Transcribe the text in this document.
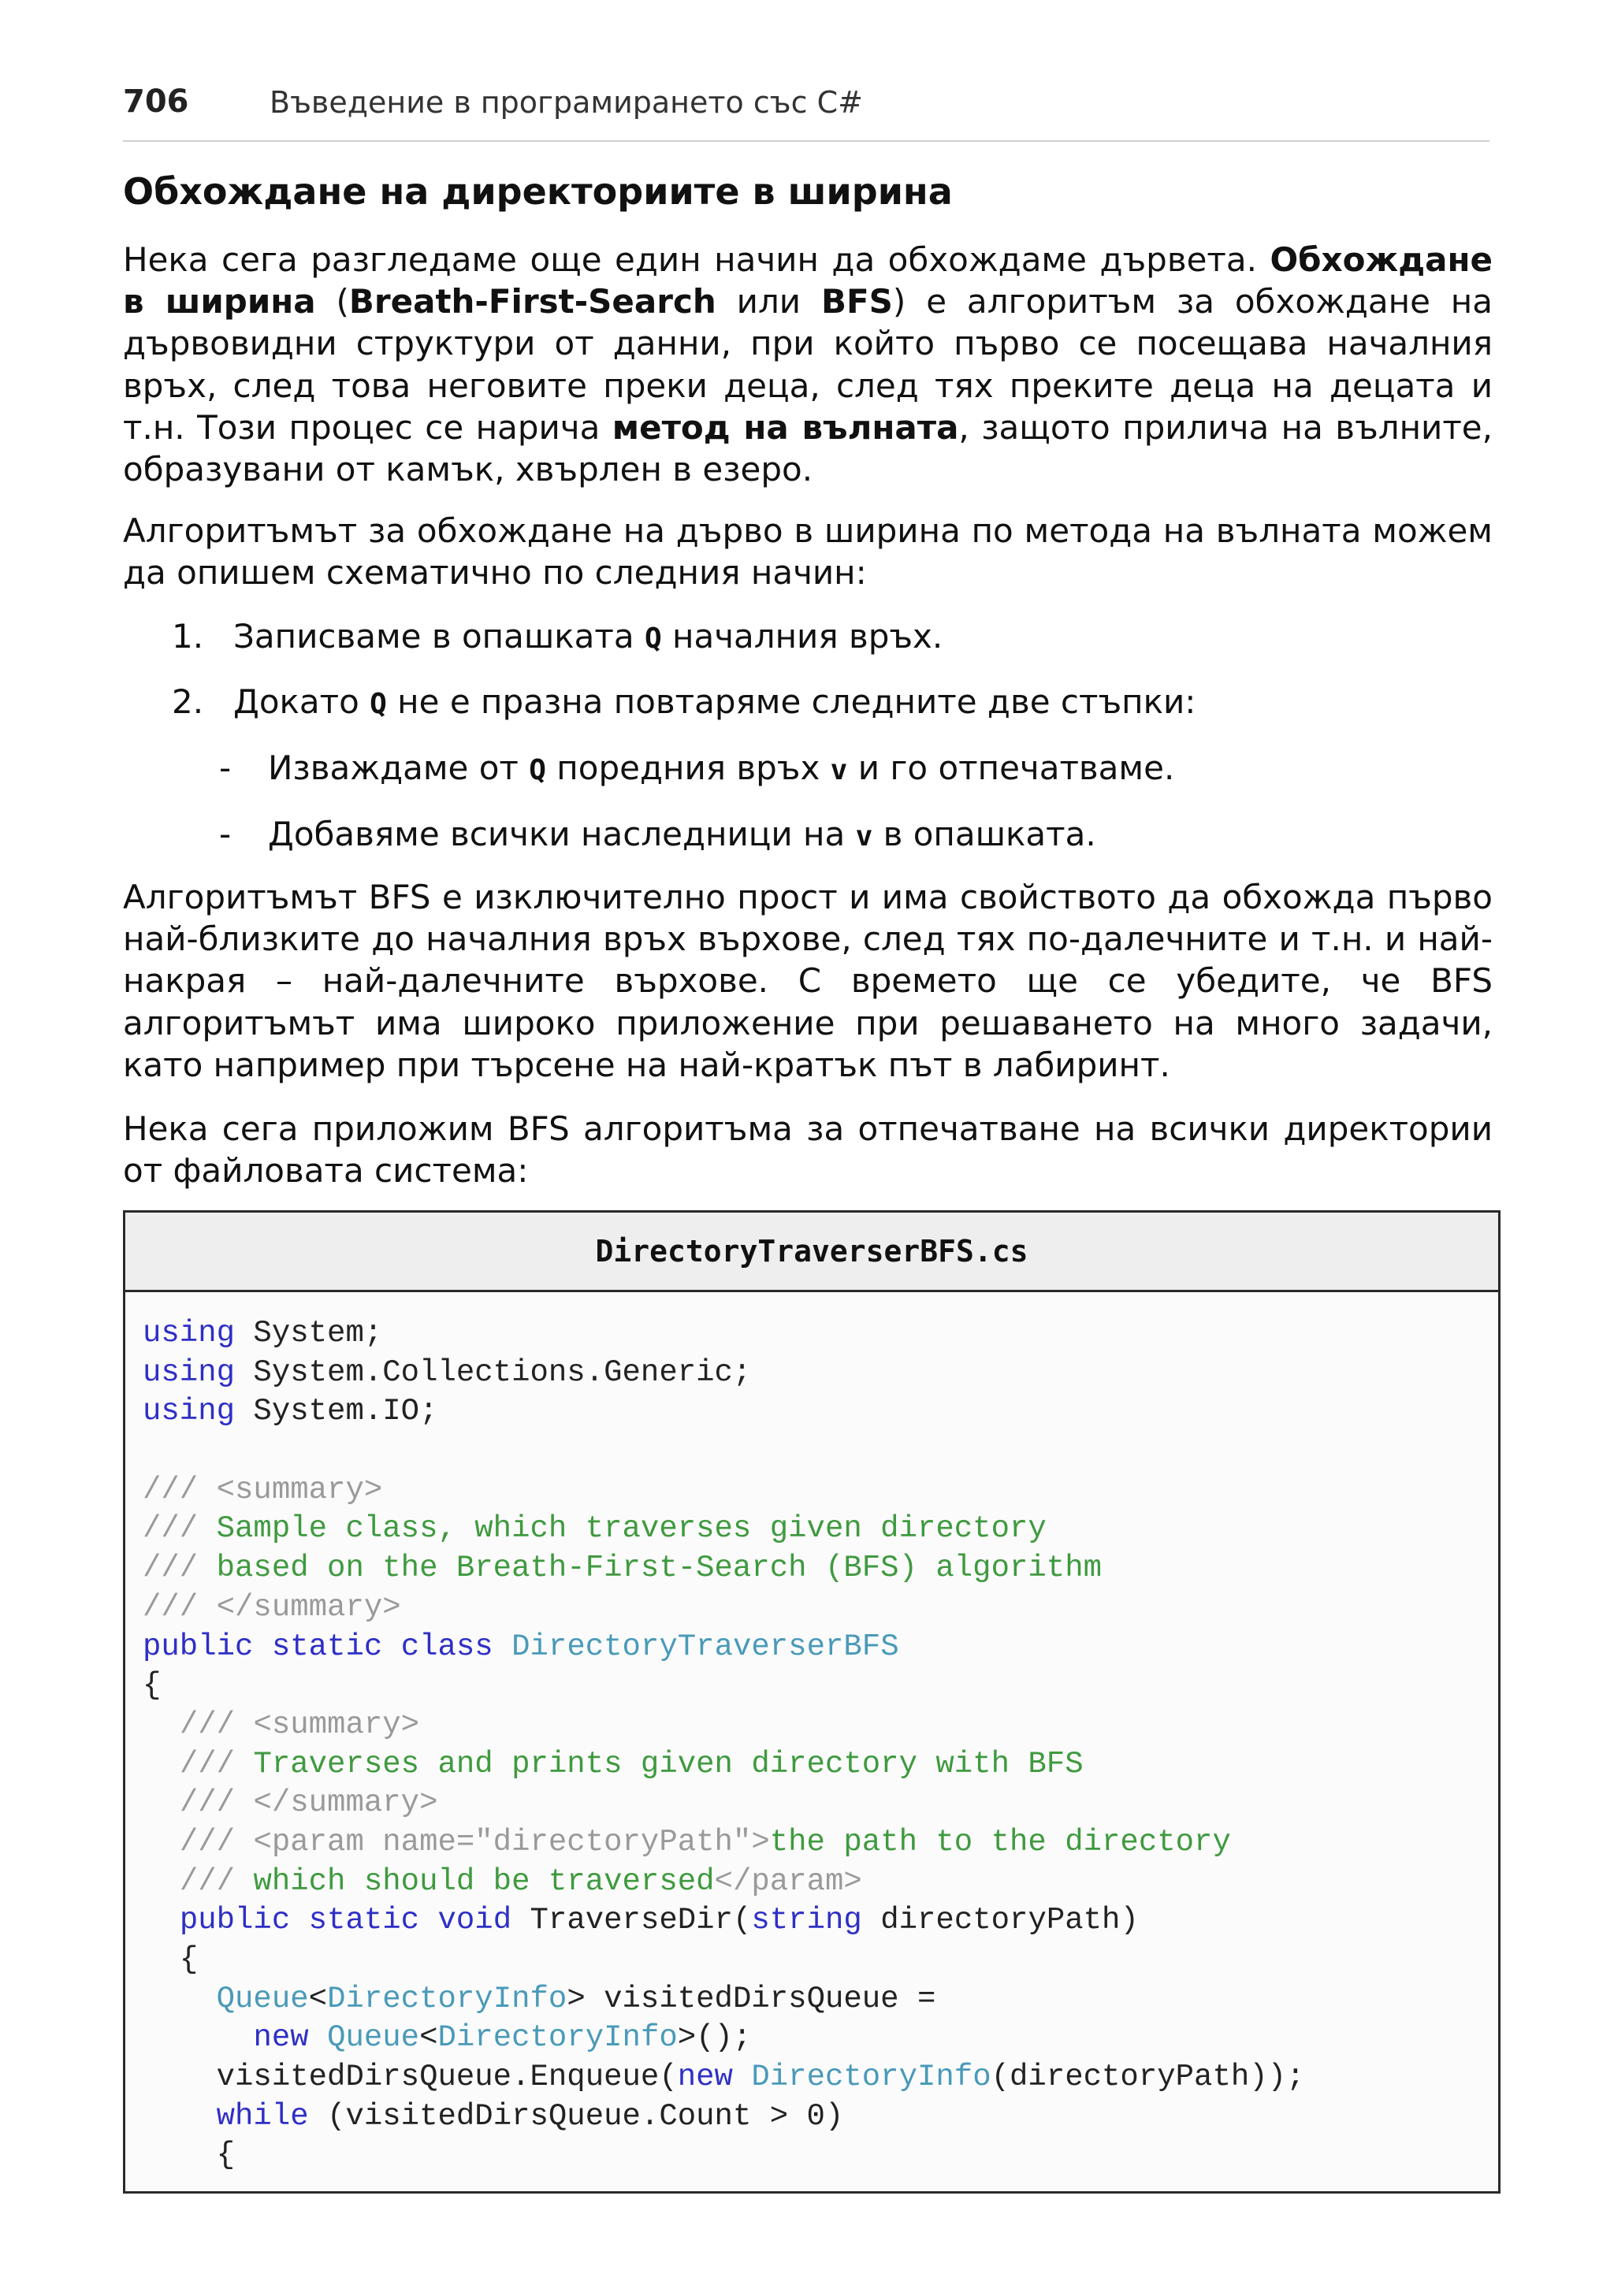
706	Въведение в програмирането със C#
Обхождане на директориите в ширина

Нека сега разгледаме още един начин да обхождаме дървета. Обхождане в ширина (Breath-First-Search или BFS) е алгоритъм за обхождане на дървовидни структури от данни, при който първо се посещава началния връх, след това неговите преки деца, след тях преките деца на децата и т.н. Този процес се нарича метод на вълната, защото прилича на вълните, образувани от камък, хвърлен в езеро.

Алгоритъмът за обхождане на дърво в ширина по метода на вълната можем да опишем схематично по следния начин:

1. Записваме в опашката Q началния връх.
2. Докато Q не е празна повтаряме следните две стъпки:
- Изваждаме от Q поредния връх v и го отпечатваме.
- Добавяме всички наследници на v в опашката.

Алгоритъмът BFS е изключително прост и има свойството да обхожда първо най-близките до началния връх върхове, след тях по-далечните и т.н. и най-накрая – най-далечните върхове. С времето ще се убедите, че BFS алгоритъмът има широко приложение при решаването на много задачи, като например при търсене на най-кратък път в лабиринт.

Нека сега приложим BFS алгоритъма за отпечатване на всички директории от файловата система:

DirectoryTraverserBFS.cs
using System;
using System.Collections.Generic;
using System.IO;

/// <summary>
/// Sample class, which traverses given directory
/// based on the Breath-First-Search (BFS) algorithm
/// </summary>
public static class DirectoryTraverserBFS
{
/// <summary>
/// Traverses and prints given directory with BFS
/// </summary>
/// <param name="directoryPath">the path to the directory
/// which should be traversed</param>
public static void TraverseDir(string directoryPath)
{
Queue<DirectoryInfo> visitedDirsQueue =
new Queue<DirectoryInfo>();
visitedDirsQueue.Enqueue(new DirectoryInfo(directoryPath));
while (visitedDirsQueue.Count > 0)
{
